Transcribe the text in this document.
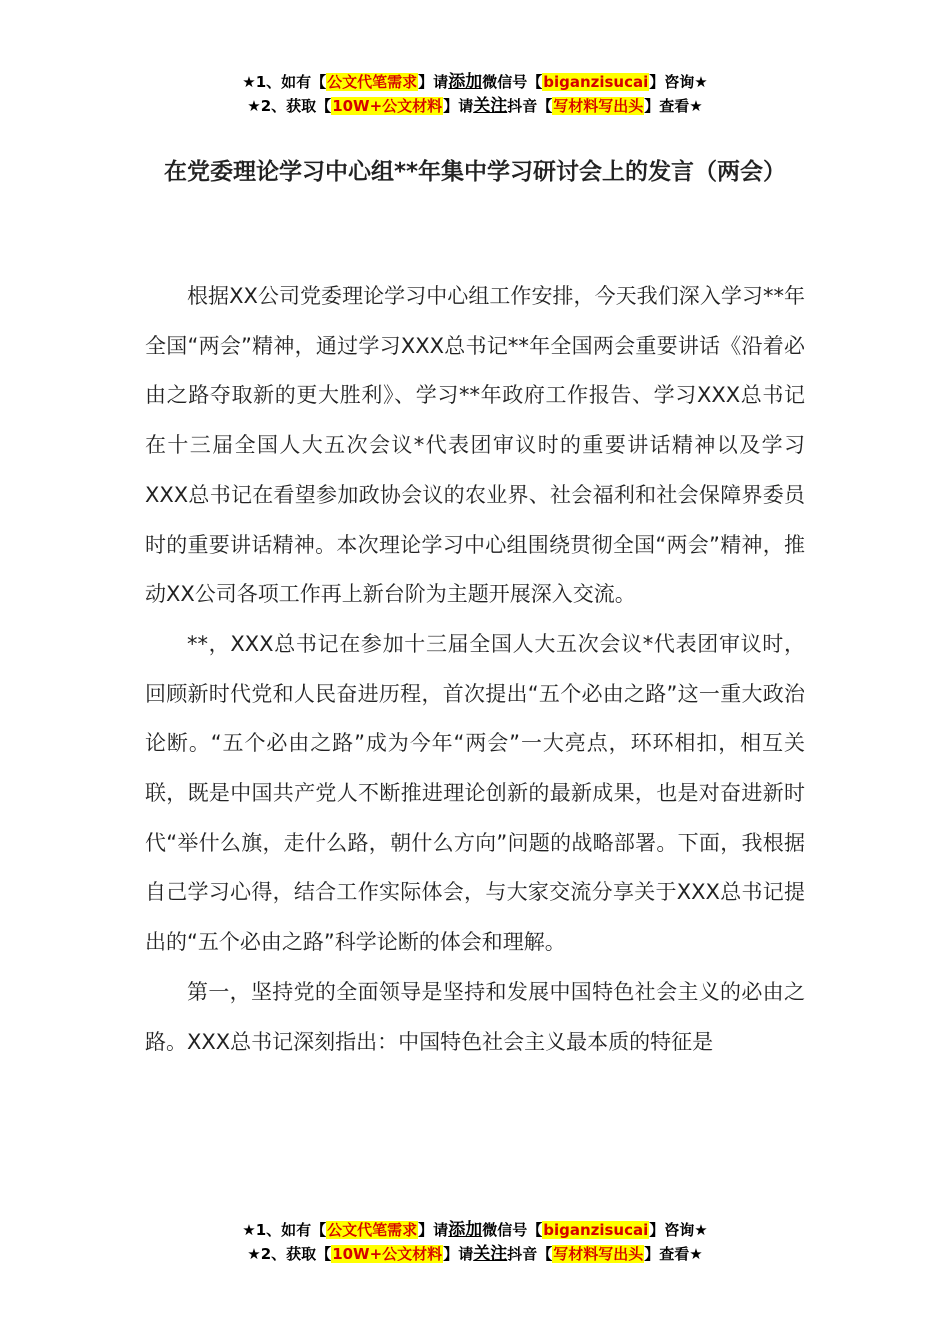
★1、如有【公文代笔需求】请添加微信号【biganzisucai】咨询★
★2、获取【10W+公文材料】请关注抖音【写材料写出头】查看★
在党委理论学习中心组**年集中学习研讨会上的发言（两会）

根据XX公司党委理论学习中心组工作安排，今天我们深入学习**年全国“两会”精神，通过学习XXX总书记**年全国两会重要讲话《沿着必由之路夺取新的更大胜利》、学习**年政府工作报告、学习XXX总书记在十三届全国人大五次会议*代表团审议时的重要讲话精神以及学习XXX总书记在看望参加政协会议的农业界、社会福利和社会保障界委员时的重要讲话精神。本次理论学习中心组围绕贯彻全国“两会”精神，推动XX公司各项工作再上新台阶为主题开展深入交流。

**，XXX总书记在参加十三届全国人大五次会议*代表团审议时，回顾新时代党和人民奋进历程，首次提出“五个必由之路”这一重大政治论断。“五个必由之路”成为今年“两会”一大亮点，环环相扣，相互关联，既是中国共产党人不断推进理论创新的最新成果，也是对奋进新时代“举什么旗，走什么路，朝什么方向”问题的战略部署。下面，我根据自己学习心得，结合工作实际体会，与大家交流分享关于XXX总书记提出的“五个必由之路”科学论断的体会和理解。

第一，坚持党的全面领导是坚持和发展中国特色社会主义的必由之路。XXX总书记深刻指出：中国特色社会主义最本质的特征是

★1、如有【公文代笔需求】请添加微信号【biganzisucai】咨询★
★2、获取【10W+公文材料】请关注抖音【写材料写出头】查看★
